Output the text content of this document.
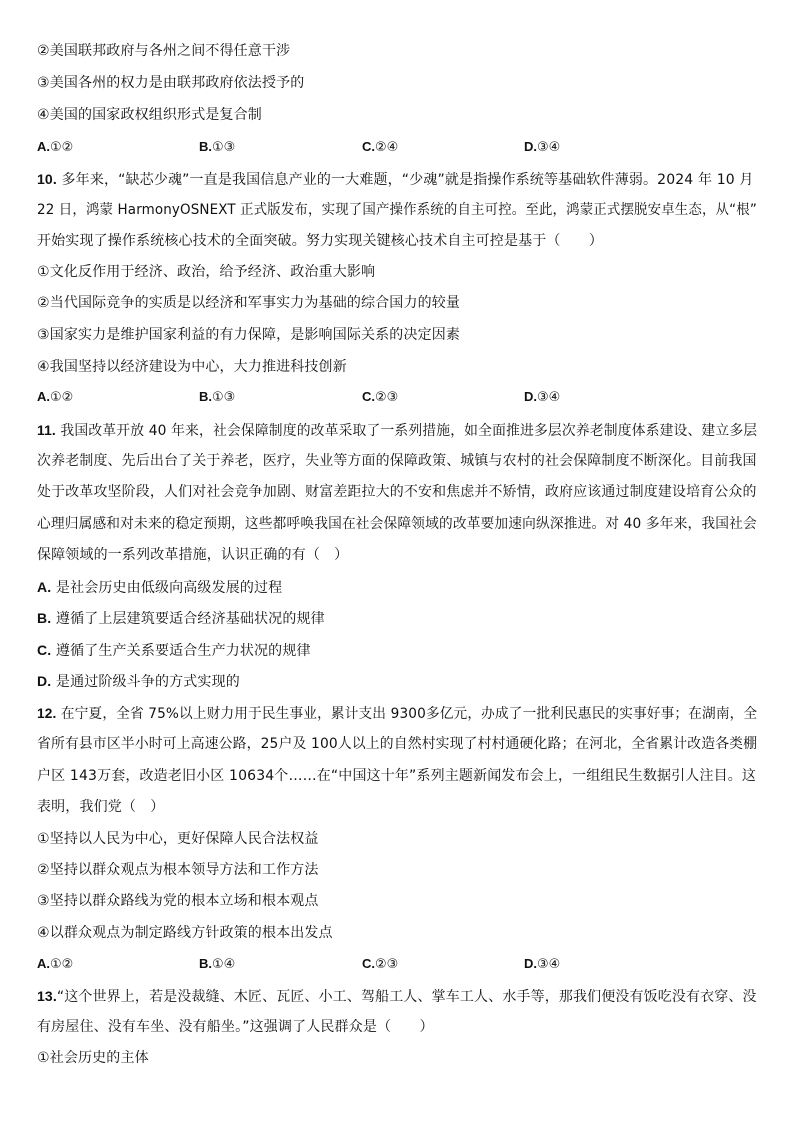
②美国联邦政府与各州之间不得任意干涉
③美国各州的权力是由联邦政府依法授予的
④美国的国家政权组织形式是复合制
A.①②	B.①③	C.②④	D.③④
10. 多年来，“缺芯少魂”一直是我国信息产业的一大难题，“少魂”就是指操作系统等基础软件薄弱。2024 年 10 月
22 日，鸿蒙 HarmonyOSNEXT 正式版发布，实现了国产操作系统的自主可控。至此，鸿蒙正式摆脱安卓生态，从“根”
开始实现了操作系统核心技术的全面突破。努力实现关键核心技术自主可控是基于（　　）
①文化反作用于经济、政治，给予经济、政治重大影响
②当代国际竞争的实质是以经济和军事实力为基础的综合国力的较量
③国家实力是维护国家利益的有力保障，是影响国际关系的决定因素
④我国坚持以经济建设为中心，大力推进科技创新
A.①②	B.①③	C.②③	D.③④
11. 我国改革开放 40 年来，社会保障制度的改革采取了一系列措施，如全面推进多层次养老制度体系建设、建立多层
次养老制度、先后出台了关于养老，医疗，失业等方面的保障政策、城镇与农村的社会保障制度不断深化。目前我国
处于改革攻坚阶段，人们对社会竞争加剧、财富差距拉大的不安和焦虑并不矫情，政府应该通过制度建设培育公众的
心理归属感和对未来的稳定预期，这些都呼唤我国在社会保障领域的改革要加速向纵深推进。对 40 多年来，我国社会
保障领域的一系列改革措施，认识正确的有（　）
A. 是社会历史由低级向高级发展的过程
B. 遵循了上层建筑要适合经济基础状况的规律
C. 遵循了生产关系要适合生产力状况的规律
D. 是通过阶级斗争的方式实现的
12. 在宁夏，全省 75%以上财力用于民生事业，累计支出 9300多亿元，办成了一批利民惠民的实事好事；在湖南，全
省所有县市区半小时可上高速公路，25户及 100人以上的自然村实现了村村通硬化路；在河北，全省累计改造各类棚
户区 143万套，改造老旧小区 10634个……在“中国这十年”系列主题新闻发布会上，一组组民生数据引人注目。这
表明，我们党（　）
①坚持以人民为中心，更好保障人民合法权益
②坚持以群众观点为根本领导方法和工作方法
③坚持以群众路线为党的根本立场和根本观点
④以群众观点为制定路线方针政策的根本出发点
A.①②	B.①④	C.②③	D.③④
13.“这个世界上，若是没裁缝、木匠、瓦匠、小工、驾船工人、掌车工人、水手等，那我们便没有饭吃没有衣穿、没
有房屋住、没有车坐、没有船坐。”这强调了人民群众是（　　）
①社会历史的主体
